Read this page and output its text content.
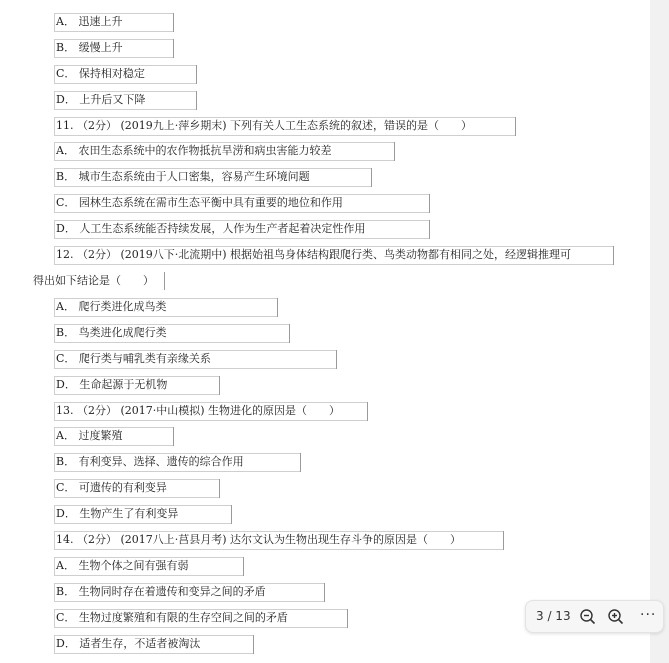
A． 迅速上升
B． 缓慢上升
C． 保持相对稳定
D． 上升后又下降
11. （2分） (2019九上·萍乡期末) 下列有关人工生态系统的叙述，错误的是（　　）
A． 农田生态系统中的农作物抵抗旱涝和病虫害能力较差
B． 城市生态系统由于人口密集，容易产生环境问题
C． 园林生态系统在需市生态平衡中具有重要的地位和作用
D． 人工生态系统能否持续发展，人作为生产者起着决定性作用
12. （2分） (2019八下·北流期中) 根据始祖鸟身体结构跟爬行类、鸟类动物都有相同之处，经逻辑推理可
得出如下结论是（　　）
A． 爬行类进化成鸟类
B． 鸟类进化成爬行类
C． 爬行类与哺乳类有亲缘关系
D． 生命起源于无机物
13. （2分） (2017·中山模拟) 生物进化的原因是（　　）
A． 过度繁殖
B． 有利变异、选择、遗传的综合作用
C． 可遗传的有利变异
D． 生物产生了有利变异
14. （2分） (2017八上·莒县月考) 达尔文认为生物出现生存斗争的原因是（　　）
A． 生物个体之间有强有弱
B． 生物同时存在着遗传和变异之间的矛盾
C． 生物过度繁殖和有限的生存空间之间的矛盾
D． 适者生存，不适者被淘汰
3 / 13	···
